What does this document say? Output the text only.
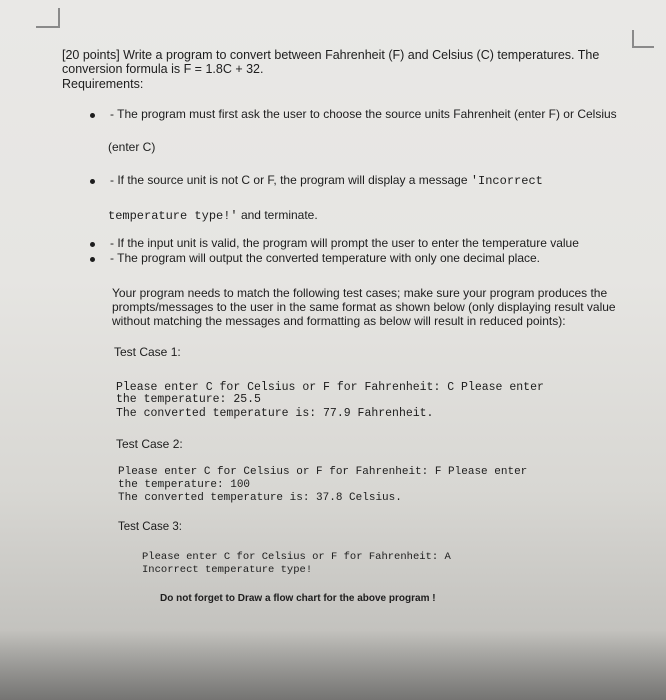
[20 points] Write a program to convert between Fahrenheit (F) and Celsius (C) temperatures. The
conversion formula is F = 1.8C + 32.
Requirements:
- The program must first ask the user to choose the source units Fahrenheit (enter F) or Celsius
(enter C)
- If the source unit is not C or F, the program will display a message 'Incorrect
temperature type!' and terminate.
- If the input unit is valid, the program will prompt the user to enter the temperature value
- The program will output the converted temperature with only one decimal place.
Your program needs to match the following test cases; make sure your program produces the
prompts/messages to the user in the same format as shown below (only displaying result value
without matching the messages and formatting as below will result in reduced points):
Test Case 1:
Please enter C for Celsius or F for Fahrenheit: C Please enter
the temperature: 25.5
The converted temperature is: 77.9 Fahrenheit.
Test Case 2:
Please enter C for Celsius or F for Fahrenheit: F Please enter
the temperature: 100
The converted temperature is: 37.8 Celsius.
Test Case 3:
Please enter C for Celsius or F for Fahrenheit: A
Incorrect temperature type!
Do not forget to Draw a flow chart for the above program !
